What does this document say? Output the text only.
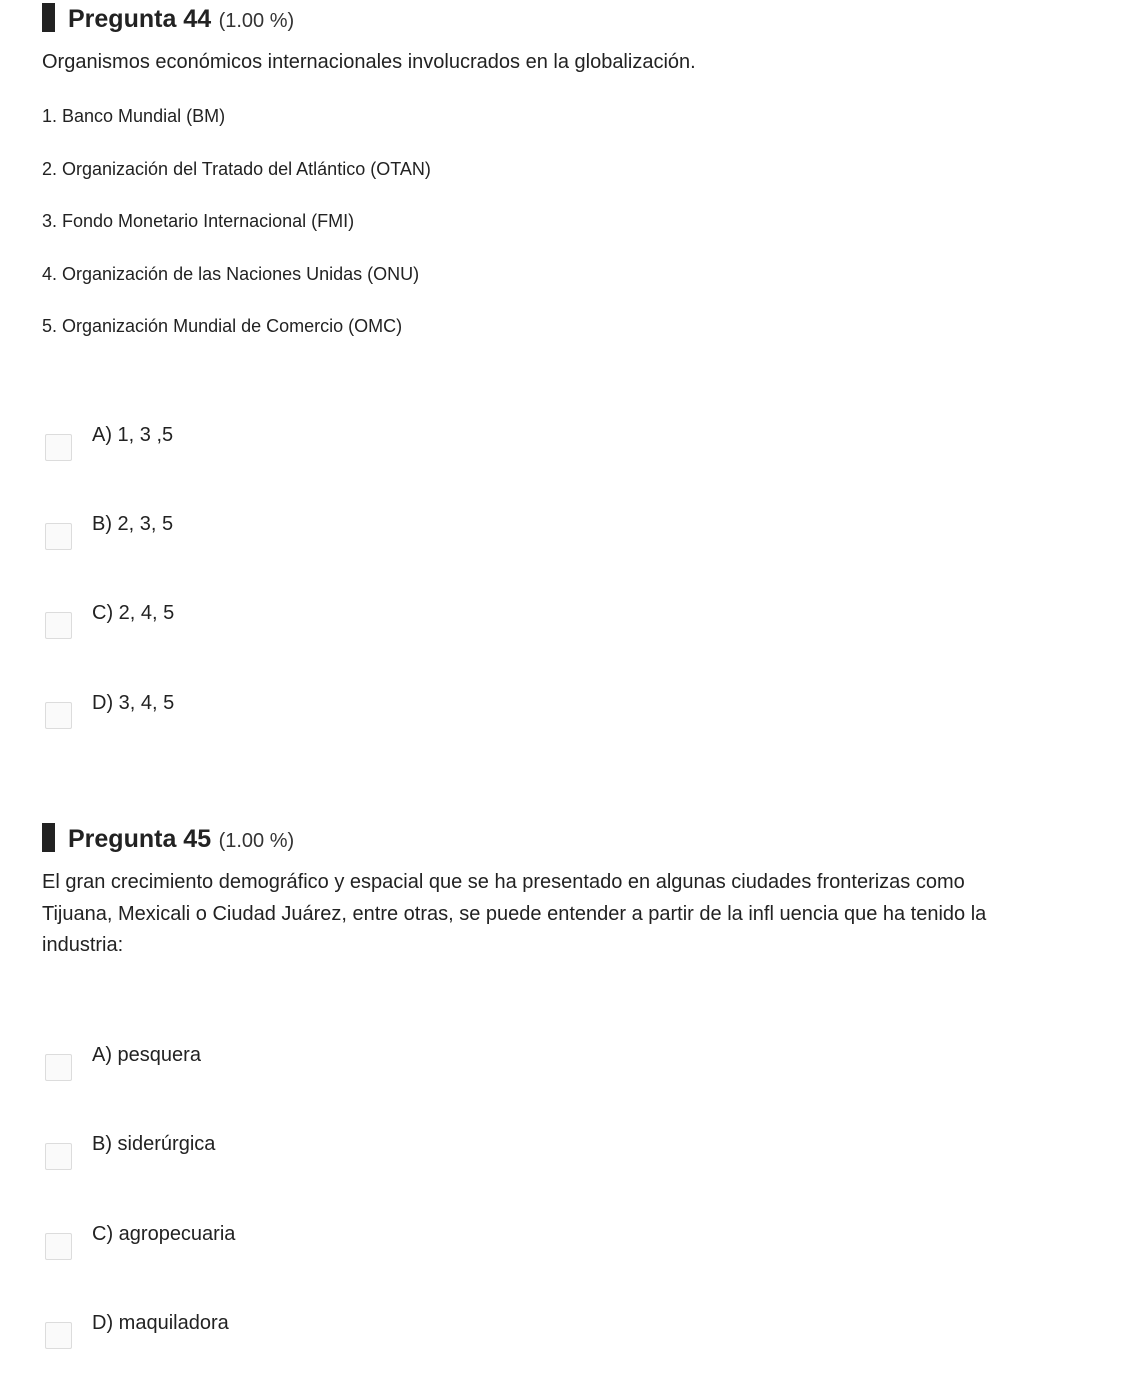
Pregunta 44 (1.00 %)
Organismos económicos internacionales involucrados en la globalización.
1. Banco Mundial (BM)
2. Organización del Tratado del Atlántico (OTAN)
3. Fondo Monetario Internacional (FMI)
4. Organización de las Naciones Unidas (ONU)
5. Organización Mundial de Comercio (OMC)
A) 1, 3 ,5
B) 2, 3, 5
C) 2, 4, 5
D) 3, 4, 5
Pregunta 45 (1.00 %)
El gran crecimiento demográfico y espacial que se ha presentado en algunas ciudades fronterizas como
Tijuana, Mexicali o Ciudad Juárez, entre otras, se puede entender a partir de la infl uencia que ha tenido la
industria:
A) pesquera
B) siderúrgica
C) agropecuaria
D) maquiladora
